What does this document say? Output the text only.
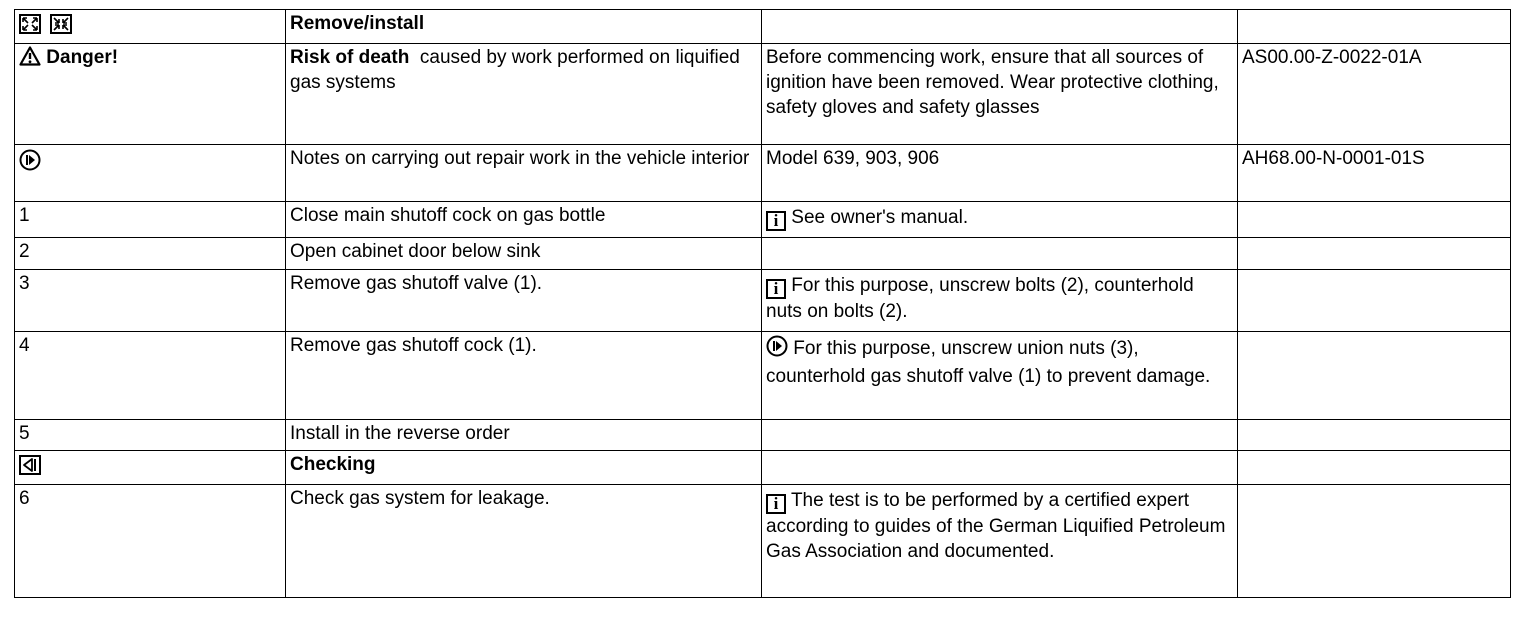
	Remove/install		
Danger!	Risk of death caused by work performed on liquified gas systems	Before commencing work, ensure that all sources of ignition have been removed. Wear protective clothing, safety gloves and safety glasses	AS00.00-Z-0022-01A
	Notes on carrying out repair work in the vehicle interior	Model 639, 903, 906	AH68.00-N-0001-01S
1	Close main shutoff cock on gas bottle	i See owner's manual.	
2	Open cabinet door below sink		
3	Remove gas shutoff valve (1).	i For this purpose, unscrew bolts (2), counterhold nuts on bolts (2).	
4	Remove gas shutoff cock (1).	For this purpose, unscrew union nuts (3), counterhold gas shutoff valve (1) to prevent damage.	
5	Install in the reverse order		
	Checking		
6	Check gas system for leakage.	i The test is to be performed by a certified expert according to guides of the German Liquified Petroleum Gas Association and documented.	
